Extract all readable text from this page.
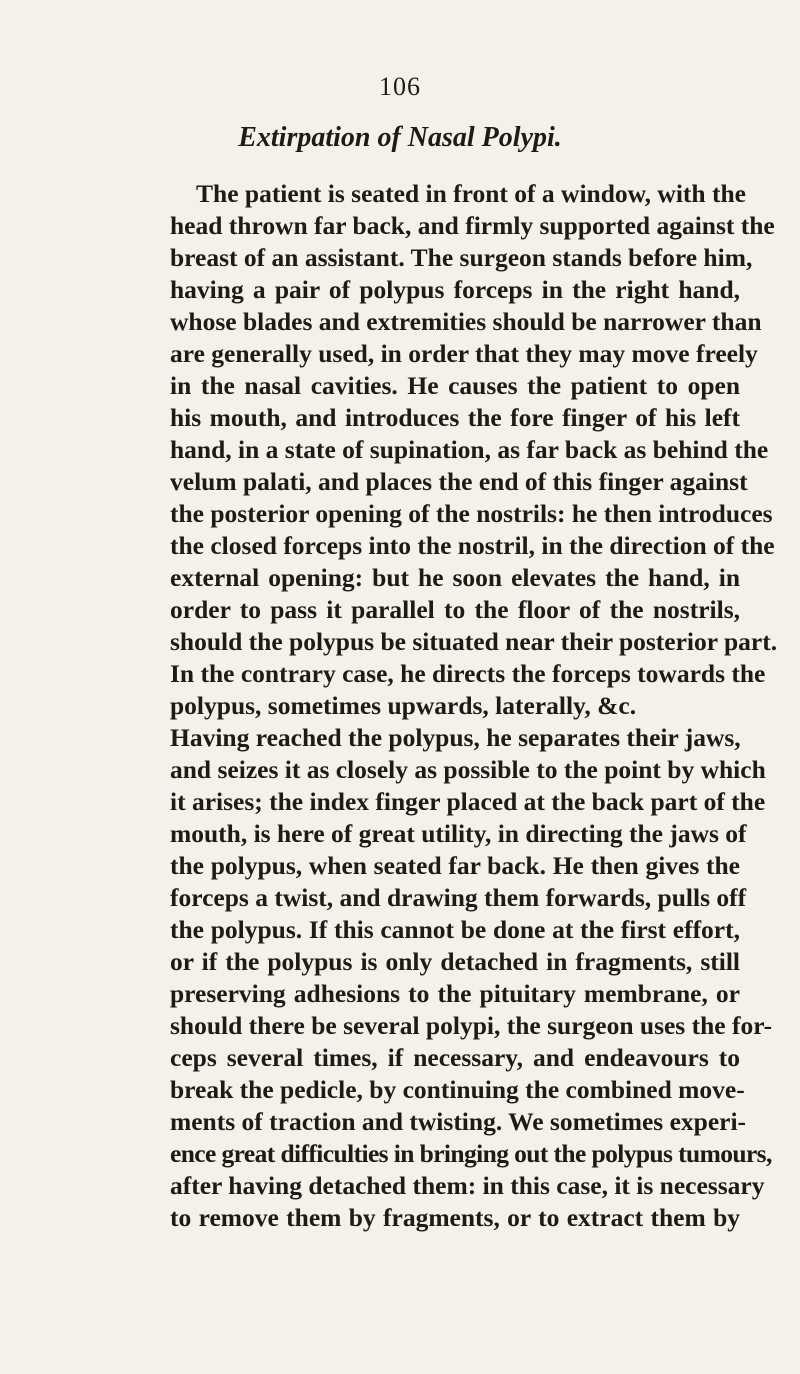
106
Extirpation of Nasal Polypi.
The patient is seated in front of a window, with the
head thrown far back, and firmly supported against the
breast of an assistant. The surgeon stands before him,
having a pair of polypus forceps in the right hand,
whose blades and extremities should be narrower than
are generally used, in order that they may move freely
in the nasal cavities. He causes the patient to open
his mouth, and introduces the fore finger of his left
hand, in a state of supination, as far back as behind the
velum palati, and places the end of this finger against
the posterior opening of the nostrils: he then introduces
the closed forceps into the nostril, in the direction of the
external opening: but he soon elevates the hand, in
order to pass it parallel to the floor of the nostrils,
should the polypus be situated near their posterior part.
In the contrary case, he directs the forceps towards the
polypus, sometimes upwards, laterally, &c.
Having reached the polypus, he separates their jaws,
and seizes it as closely as possible to the point by which
it arises; the index finger placed at the back part of the
mouth, is here of great utility, in directing the jaws of
the polypus, when seated far back. He then gives the
forceps a twist, and drawing them forwards, pulls off
the polypus. If this cannot be done at the first effort,
or if the polypus is only detached in fragments, still
preserving adhesions to the pituitary membrane, or
should there be several polypi, the surgeon uses the for-
ceps several times, if necessary, and endeavours to
break the pedicle, by continuing the combined move-
ments of traction and twisting. We sometimes experi-
ence great difficulties in bringing out the polypus tumours,
after having detached them: in this case, it is necessary
to remove them by fragments, or to extract them by
